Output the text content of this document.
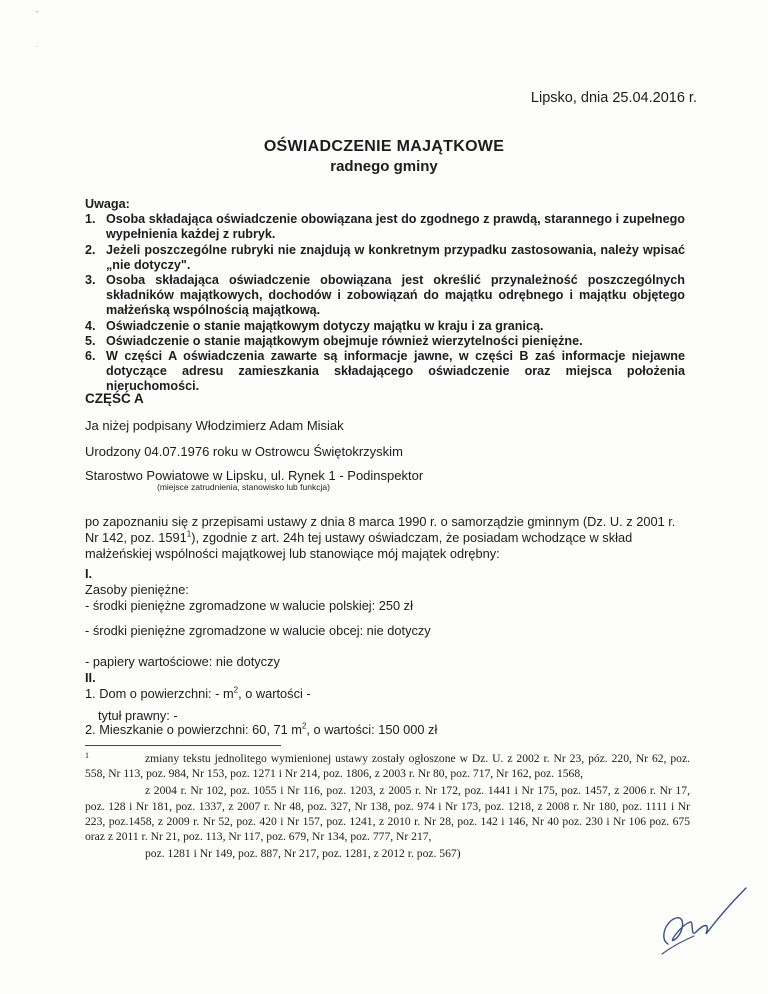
•
-
Lipsko, dnia 25.04.2016 r.
OŚWIADCZENIE MAJĄTKOWE
radnego gminy
Uwaga:
1. Osoba składająca oświadczenie obowiązana jest do zgodnego z prawdą, starannego i zupełnego wypełnienia każdej z rubryk.
2. Jeżeli poszczególne rubryki nie znajdują w konkretnym przypadku zastosowania, należy wpisać „nie dotyczy".
3. Osoba składająca oświadczenie obowiązana jest określić przynależność poszczególnych składników majątkowych, dochodów i zobowiązań do majątku odrębnego i majątku objętego małżeńską wspólnością majątkową.
4. Oświadczenie o stanie majątkowym dotyczy majątku w kraju i za granicą.
5. Oświadczenie o stanie majątkowym obejmuje również wierzytelności pieniężne.
6. W części A oświadczenia zawarte są informacje jawne, w części B zaś informacje niejawne dotyczące adresu zamieszkania składającego oświadczenie oraz miejsca położenia nieruchomości.
CZĘŚĆ A
Ja niżej podpisany Włodzimierz Adam Misiak
Urodzony 04.07.1976 roku w Ostrowcu Świętokrzyskim
Starostwo Powiatowe w Lipsku, ul. Rynek 1 - Podinspektor
(miejsce zatrudnienia, stanowisko lub funkcja)
po zapoznaniu się z przepisami ustawy z dnia 8 marca 1990 r. o samorządzie gminnym (Dz. U. z 2001 r. Nr 142, poz. 1591$^1$), zgodnie z art. 24h tej ustawy oświadczam, że posiadam wchodzące w skład małżeńskiej wspólności majątkowej lub stanowiące mój majątek odrębny:
I.
Zasoby pieniężne:
- środki pieniężne zgromadzone w walucie polskiej: 250 zł
- środki pieniężne zgromadzone w walucie obcej: nie dotyczy
- papiery wartościowe: nie dotyczy
II.
1. Dom o powierzchni: - $m^2$, o wartości -
tytuł prawny: -
2. Mieszkanie o powierzchni: 60, 71 $m^2$, o wartości: 150 000 zł
1	zmiany tekstu jednolitego wymienionej ustawy zostały ogłoszone w Dz. U. z 2002 r. Nr 23, póz. 220, Nr 62, poz. 558, Nr 113, poz. 984, Nr 153, poz. 1271 i Nr 214, poz. 1806, z 2003 r. Nr 80, poz. 717, Nr 162, poz. 1568,

z 2004 r. Nr 102, poz. 1055 i Nr 116, poz. 1203, z 2005 r. Nr 172, poz. 1441 i Nr 175, poz. 1457, z 2006 r. Nr 17, poz. 128 i Nr 181, poz. 1337, z 2007 r. Nr 48, poz. 327, Nr 138, poz. 974 i Nr 173, poz. 1218, z 2008 r. Nr 180, poz. 1111 i Nr 223, poz.1458, z 2009 r. Nr 52, poz. 420 i Nr 157, poz. 1241, z 2010 r. Nr 28, poz. 142 i 146, Nr 40 poz. 230 i Nr 106 poz. 675 oraz z 2011 r. Nr 21, poz. 113, Nr 117, poz. 679, Nr 134, poz. 777, Nr 217,

poz. 1281 i Nr 149, poz. 887, Nr 217, poz. 1281, z 2012 r. poz. 567)
